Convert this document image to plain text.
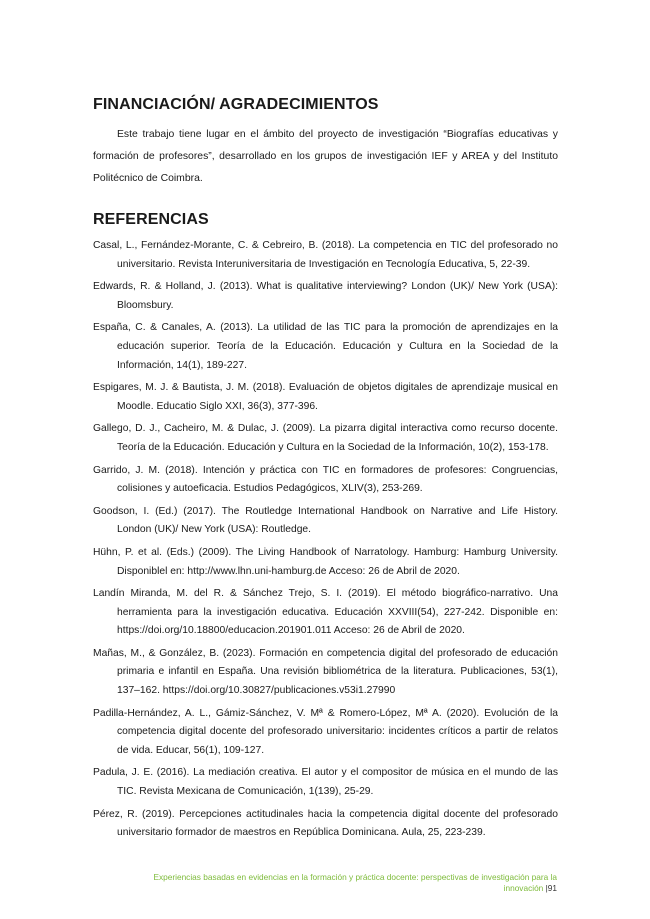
FINANCIACIÓN/ AGRADECIMIENTOS

Este trabajo tiene lugar en el ámbito del proyecto de investigación “Biografías educativas y formación de profesores”, desarrollado en los grupos de investigación IEF y AREA y del Instituto Politécnico de Coimbra.

REFERENCIAS
Casal, L., Fernández-Morante, C. & Cebreiro, B. (2018). La competencia en TIC del profesorado no universitario. Revista Interuniversitaria de Investigación en Tecnología Educativa, 5, 22-39.
Edwards, R. & Holland, J. (2013). What is qualitative interviewing? London (UK)/ New York (USA): Bloomsbury.
España, C. & Canales, A. (2013). La utilidad de las TIC para la promoción de aprendizajes en la educación superior. Teoría de la Educación. Educación y Cultura en la Sociedad de la Información, 14(1), 189-227.
Espigares, M. J. & Bautista, J. M. (2018). Evaluación de objetos digitales de aprendizaje musical en Moodle. Educatio Siglo XXI, 36(3), 377-396.
Gallego, D. J., Cacheiro, M. & Dulac, J. (2009). La pizarra digital interactiva como recurso docente. Teoría de la Educación. Educación y Cultura en la Sociedad de la Información, 10(2), 153-178.
Garrido, J. M. (2018). Intención y práctica con TIC en formadores de profesores: Congruencias, colisiones y autoeficacia. Estudios Pedagógicos, XLIV(3), 253-269.
Goodson, I. (Ed.) (2017). The Routledge International Handbook on Narrative and Life History. London (UK)/ New York (USA): Routledge.
Hühn, P. et al. (Eds.) (2009). The Living Handbook of Narratology. Hamburg: Hamburg University. Disponiblel en: http://www.lhn.uni-hamburg.de Acceso: 26 de Abril de 2020.
Landín Miranda, M. del R. & Sánchez Trejo, S. I. (2019). El método biográfico-narrativo. Una herramienta para la investigación educativa. Educación XXVIII(54), 227-242. Disponible en: https://doi.org/10.18800/educacion.201901.011 Acceso: 26 de Abril de 2020.
Mañas, M., & González, B. (2023). Formación en competencia digital del profesorado de educación primaria e infantil en España. Una revisión bibliométrica de la literatura. Publicaciones, 53(1), 137–162. https://doi.org/10.30827/publicaciones.v53i1.27990
Padilla-Hernández, A. L., Gámiz-Sánchez, V. Mª & Romero-López, Mª A. (2020). Evolución de la competencia digital docente del profesorado universitario: incidentes críticos a partir de relatos de vida. Educar, 56(1), 109-127.
Padula, J. E. (2016). La mediación creativa. El autor y el compositor de música en el mundo de las TIC. Revista Mexicana de Comunicación, 1(139), 25-29.
Pérez, R. (2019). Percepciones actitudinales hacia la competencia digital docente del profesorado universitario formador de maestros en República Dominicana. Aula, 25, 223-239.
Experiencias basadas en evidencias en la formación y práctica docente: perspectivas de investigación para la innovación |91
